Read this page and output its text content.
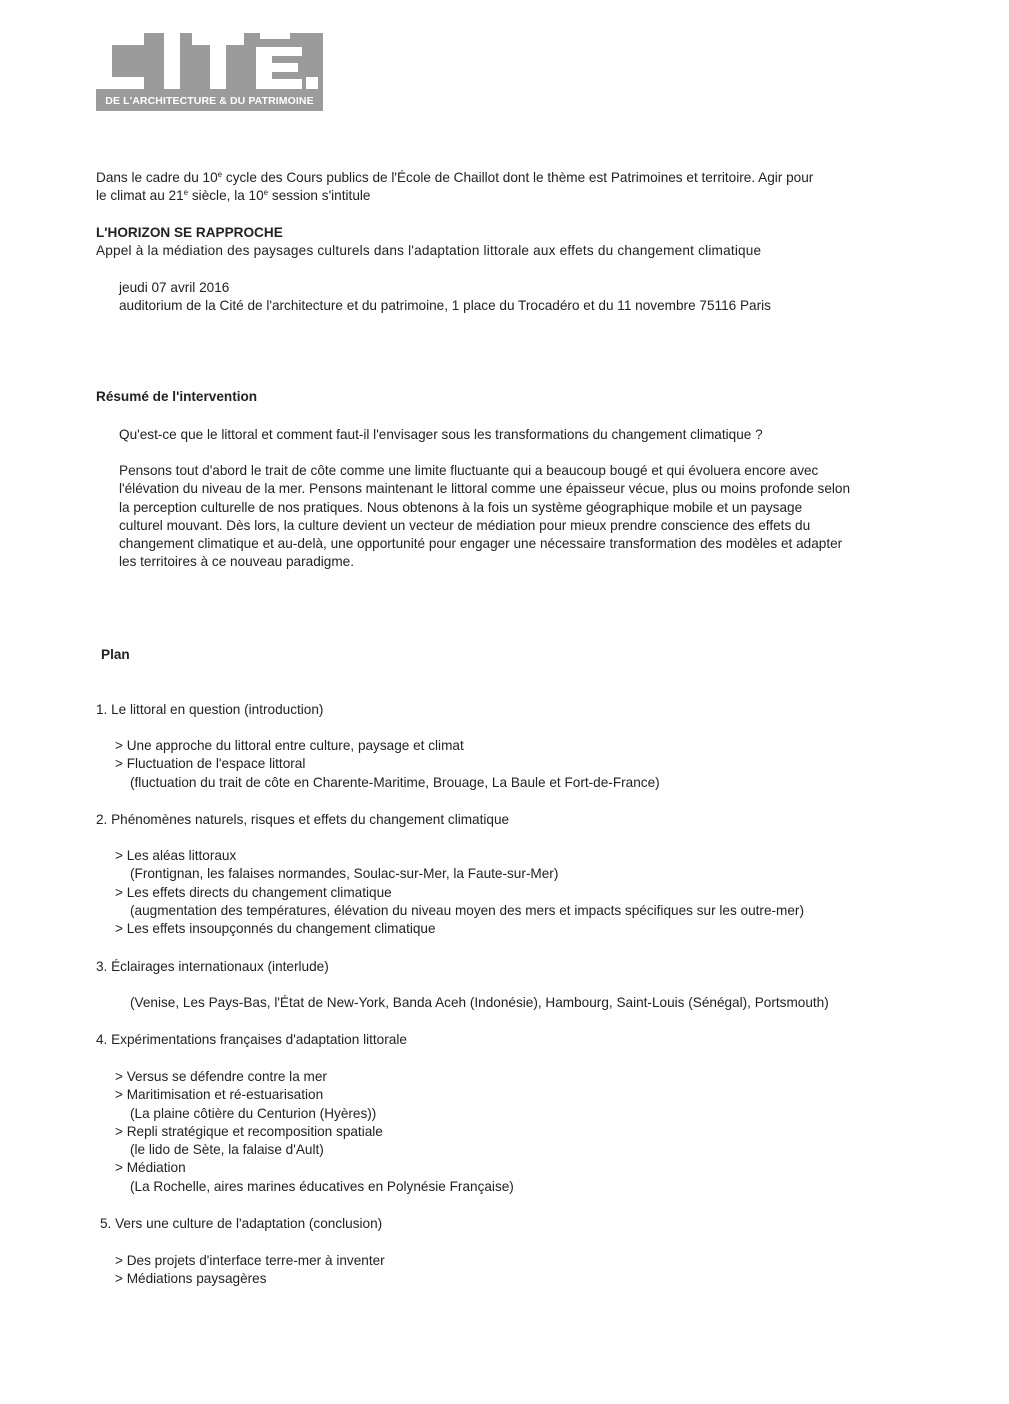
DE L'ARCHITECTURE & DU PATRIMOINE
Dans le cadre du 10e cycle des Cours publics de l'École de Chaillot dont le thème est Patrimoines et territoire. Agir pour
le climat au 21e siècle, la 10e session s'intitule
L'HORIZON SE RAPPROCHE
Appel à la médiation des paysages culturels dans l'adaptation littorale aux effets du changement climatique
jeudi 07 avril 2016
auditorium de la Cité de l'architecture et du patrimoine, 1 place du Trocadéro et du 11 novembre 75116 Paris
Résumé de l'intervention
Qu'est-ce que le littoral et comment faut-il l'envisager sous les transformations du changement climatique ?
Pensons tout d'abord le trait de côte comme une limite fluctuante qui a beaucoup bougé et qui évoluera encore avec
l'élévation du niveau de la mer. Pensons maintenant le littoral comme une épaisseur vécue, plus ou moins profonde selon
la perception culturelle de nos pratiques. Nous obtenons à la fois un système géographique mobile et un paysage
culturel mouvant. Dès lors, la culture devient un vecteur de médiation pour mieux prendre conscience des effets du
changement climatique et au-delà, une opportunité pour engager une nécessaire transformation des modèles et adapter
les territoires à ce nouveau paradigme.
Plan
1. Le littoral en question (introduction)
> Une approche du littoral entre culture, paysage et climat
> Fluctuation de l'espace littoral
(fluctuation du trait de côte en Charente-Maritime, Brouage, La Baule et Fort-de-France)
2. Phénomènes naturels, risques et effets du changement climatique
> Les aléas littoraux
(Frontignan, les falaises normandes, Soulac-sur-Mer, la Faute-sur-Mer)
> Les effets directs du changement climatique
(augmentation des températures, élévation du niveau moyen des mers et impacts spécifiques sur les outre-mer)
> Les effets insoupçonnés du changement climatique
3. Éclairages internationaux (interlude)
(Venise, Les Pays-Bas, l'État de New-York, Banda Aceh (Indonésie), Hambourg, Saint-Louis (Sénégal), Portsmouth)
4. Expérimentations françaises d'adaptation littorale
> Versus se défendre contre la mer
> Maritimisation et ré-estuarisation
(La plaine côtière du Centurion (Hyères))
> Repli stratégique et recomposition spatiale
(le lido de Sète, la falaise d'Ault)
> Médiation
(La Rochelle, aires marines éducatives en Polynésie Française)
5. Vers une culture de l'adaptation (conclusion)
> Des projets d'interface terre-mer à inventer
> Médiations paysagères
